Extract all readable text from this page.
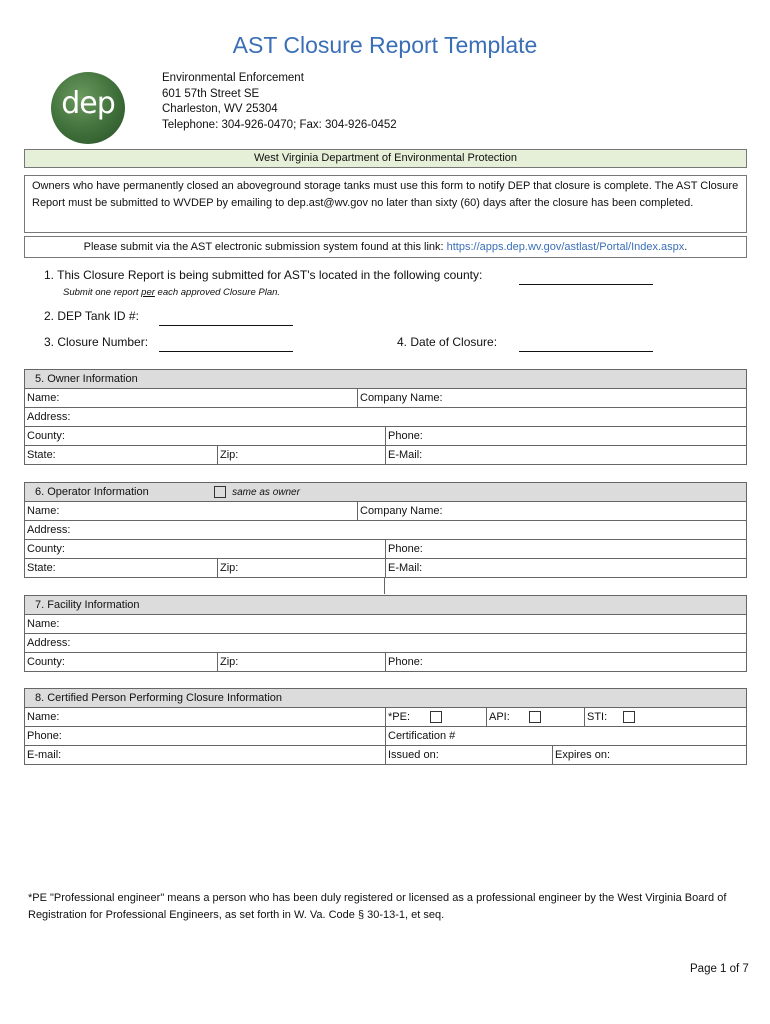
AST Closure Report Template
dep
Environmental Enforcement
601 57th Street SE
Charleston, WV 25304
Telephone: 304-926-0470; Fax: 304-926-0452
West Virginia Department of Environmental Protection
Owners who have permanently closed an aboveground storage tanks must use this form to notify DEP that closure is complete. The AST Closure Report must be submitted to WVDEP by emailing to dep.ast@wv.gov no later than sixty (60) days after the closure has been completed.
Please submit via the AST electronic submission system found at this link: https://apps.dep.wv.gov/astlast/Portal/Index.aspx.
1. This Closure Report is being submitted for AST's located in the following county:
Submit one report per each approved Closure Plan.
2. DEP Tank ID #:
3. Closure Number:	4. Date of Closure:
5. Owner Information
Name:	Company Name:
Address:
County:	Phone:
State:	Zip:	E-Mail:
6. Operator Information	same as owner
Name:	Company Name:
Address:
County:	Phone:
State:	Zip:	E-Mail:
7. Facility Information
Name:
Address:
County:	Zip:	Phone:
8. Certified Person Performing Closure Information
Name:	*PE:	API:	STI:
Phone:	Certification #
E-mail:	Issued on:	Expires on:
*PE "Professional engineer" means a person who has been duly registered or licensed as a professional engineer by the West Virginia Board of Registration for Professional Engineers, as set forth in W. Va. Code § 30-13-1, et seq.
Page 1 of 7
